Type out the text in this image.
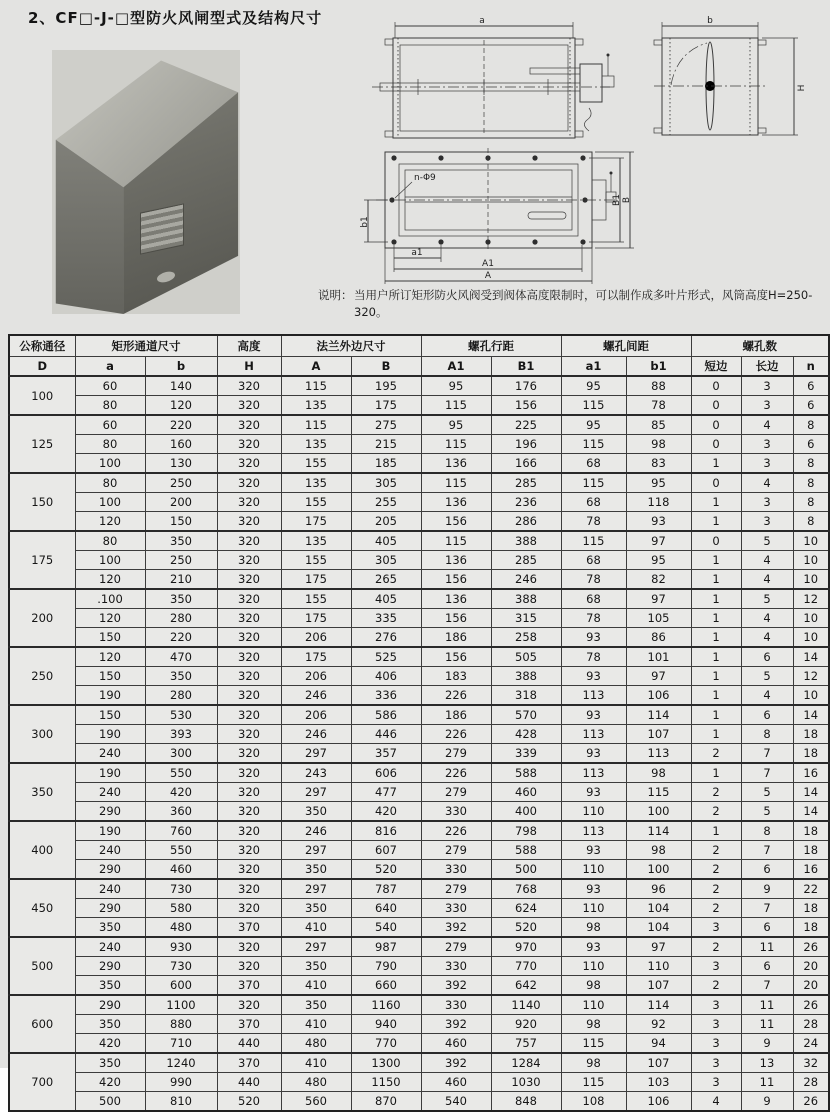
2、CF□-J-□型防火风闸型式及结构尺寸	a	b
H
n-Φ9
b1
a1
A1
A
B1 B
说明： 当用户所订矩形防火风阀受到阀体高度限制时，可以制作成多叶片形式，风筒高度H=250-320。
公称通径	矩形通道尺寸		高度	法兰外边尺寸		螺孔行距		螺孔间距		螺孔数		
D	a	b	H	A	B	A1	B1	a1	b1	短边	长边	n
100	60	140	320	115	195	95	176	95	88	0	3	6
	80	120	320	135	175	115	156	115	78	0	3	6
125	60	220	320	115	275	95	225	95	85	0	4	8
	80	160	320	135	215	115	196	115	98	0	3	6
	100	130	320	155	185	136	166	68	83	1	3	8
150	80	250	320	135	305	115	285	115	95	0	4	8
	100	200	320	155	255	136	236	68	118	1	3	8
	120	150	320	175	205	156	286	78	93	1	3	8
175	80	350	320	135	405	115	388	115	97	0	5	10
	100	250	320	155	305	136	285	68	95	1	4	10
	120	210	320	175	265	156	246	78	82	1	4	10
200	.100	350	320	155	405	136	388	68	97	1	5	12
	120	280	320	175	335	156	315	78	105	1	4	10
	150	220	320	206	276	186	258	93	86	1	4	10
250	120	470	320	175	525	156	505	78	101	1	6	14
	150	350	320	206	406	183	388	93	97	1	5	12
	190	280	320	246	336	226	318	113	106	1	4	10
300	150	530	320	206	586	186	570	93	114	1	6	14
	190	393	320	246	446	226	428	113	107	1	8	18
	240	300	320	297	357	279	339	93	113	2	7	18
350	190	550	320	243	606	226	588	113	98	1	7	16
	240	420	320	297	477	279	460	93	115	2	5	14
	290	360	320	350	420	330	400	110	100	2	5	14
400	190	760	320	246	816	226	798	113	114	1	8	18
	240	550	320	297	607	279	588	93	98	2	7	18
	290	460	320	350	520	330	500	110	100	2	6	16
450	240	730	320	297	787	279	768	93	96	2	9	22
	290	580	320	350	640	330	624	110	104	2	7	18
	350	480	370	410	540	392	520	98	104	3	6	18
500	240	930	320	297	987	279	970	93	97	2	11	26
	290	730	320	350	790	330	770	110	110	3	6	20
	350	600	370	410	660	392	642	98	107	2	7	20
600	290	1100	320	350	1160	330	1140	110	114	3	11	26
	350	880	370	410	940	392	920	98	92	3	11	28
	420	710	440	480	770	460	757	115	94	3	9	24
700	350	1240	370	410	1300	392	1284	98	107	3	13	32
	420	990	440	480	1150	460	1030	115	103	3	11	28
	500	810	520	560	870	540	848	108	106	4	9	26
